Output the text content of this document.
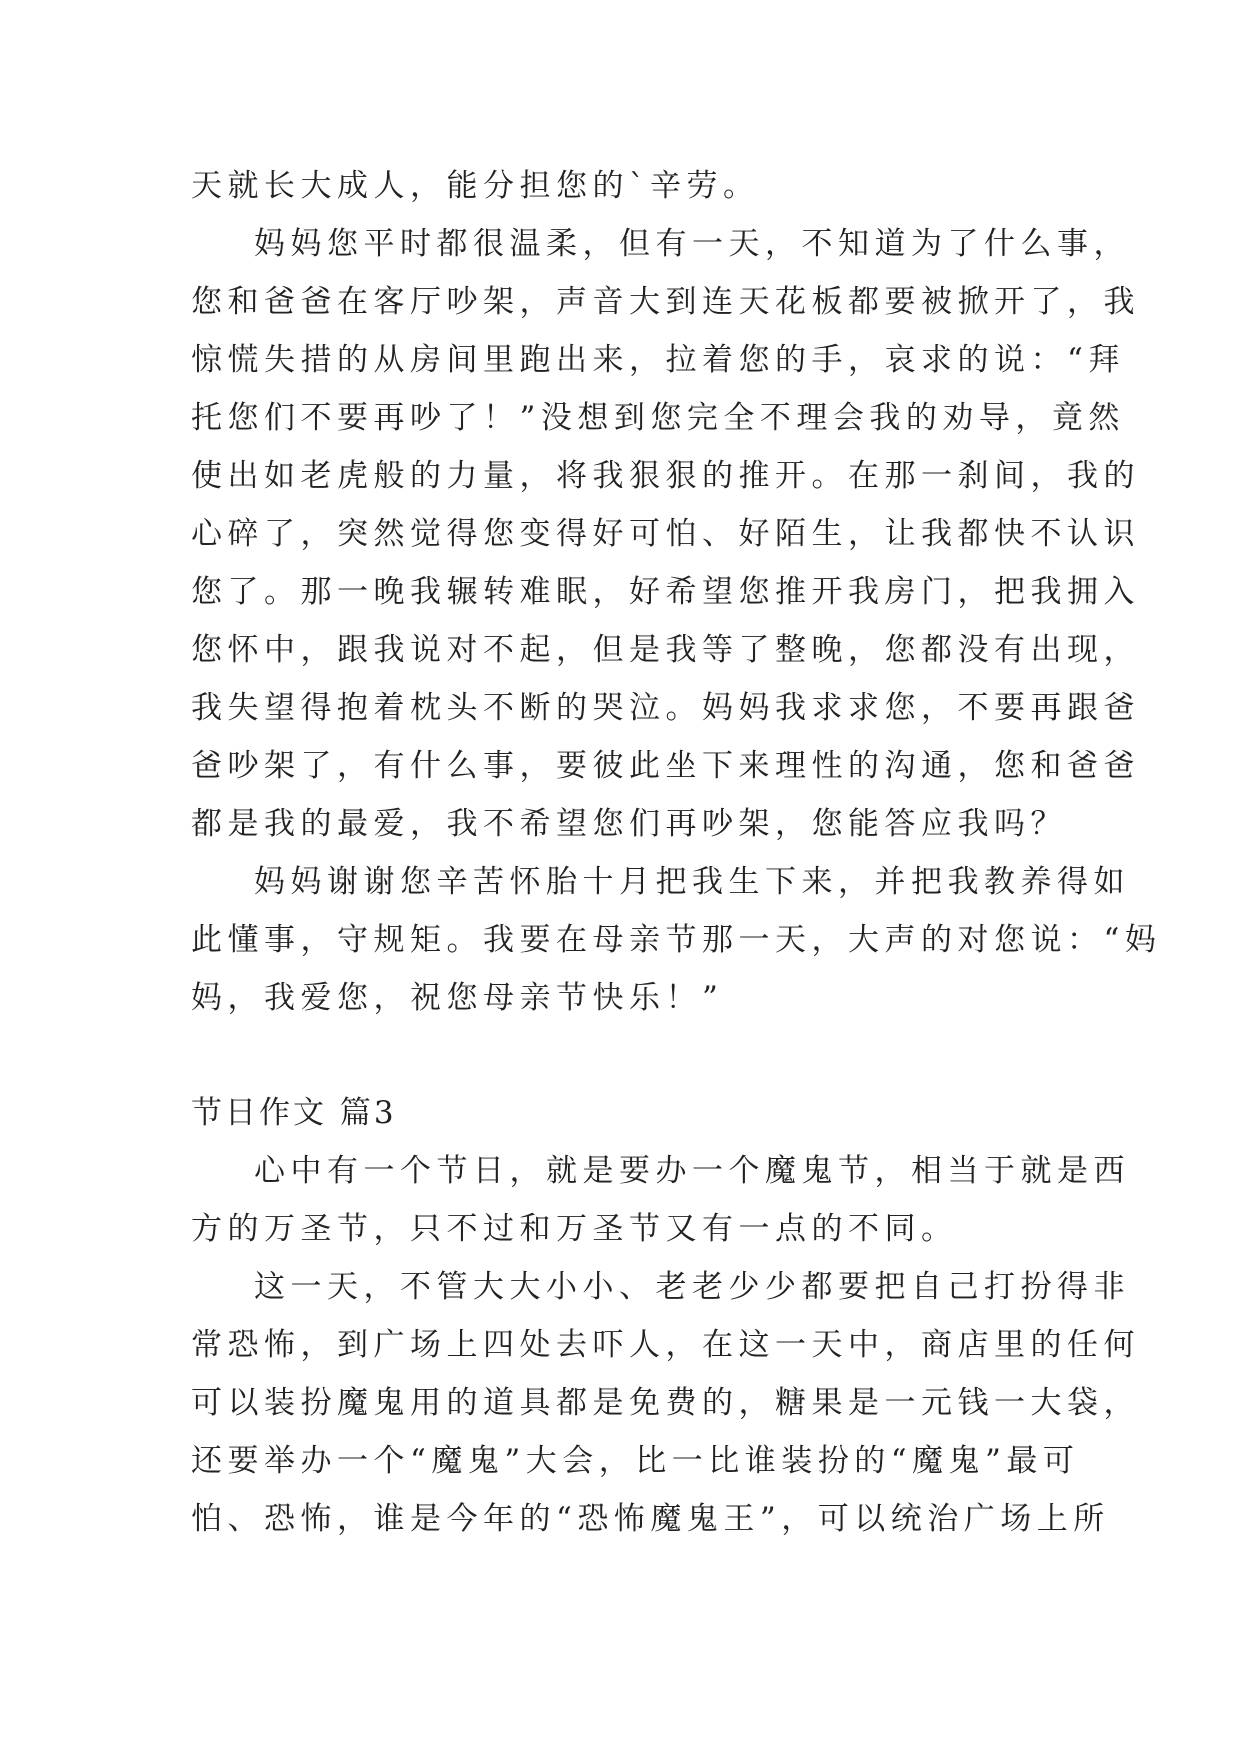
天就长大成人，能分担您的`辛劳。

妈妈您平时都很温柔，但有一天，不知道为了什么事，

您和爸爸在客厅吵架，声音大到连天花板都要被掀开了，我

惊慌失措的从房间里跑出来，拉着您的手，哀求的说：“拜

托您们不要再吵了！”没想到您完全不理会我的劝导，竟然

使出如老虎般的力量，将我狠狠的推开。在那一刹间，我的

心碎了，突然觉得您变得好可怕、好陌生，让我都快不认识

您了。那一晚我辗转难眠，好希望您推开我房门，把我拥入

您怀中，跟我说对不起，但是我等了整晚，您都没有出现，

我失望得抱着枕头不断的哭泣。妈妈我求求您，不要再跟爸

爸吵架了，有什么事，要彼此坐下来理性的沟通，您和爸爸

都是我的最爱，我不希望您们再吵架，您能答应我吗？

妈妈谢谢您辛苦怀胎十月把我生下来，并把我教养得如

此懂事，守规矩。我要在母亲节那一天，大声的对您说：“妈

妈，我爱您，祝您母亲节快乐！”

节日作文 篇3

心中有一个节日，就是要办一个魔鬼节，相当于就是西

方的万圣节，只不过和万圣节又有一点的不同。

这一天，不管大大小小、老老少少都要把自己打扮得非

常恐怖，到广场上四处去吓人，在这一天中，商店里的任何

可以装扮魔鬼用的道具都是免费的，糖果是一元钱一大袋，

还要举办一个“魔鬼”大会，比一比谁装扮的“魔鬼”最可

怕、恐怖，谁是今年的“恐怖魔鬼王”，可以统治广场上所
